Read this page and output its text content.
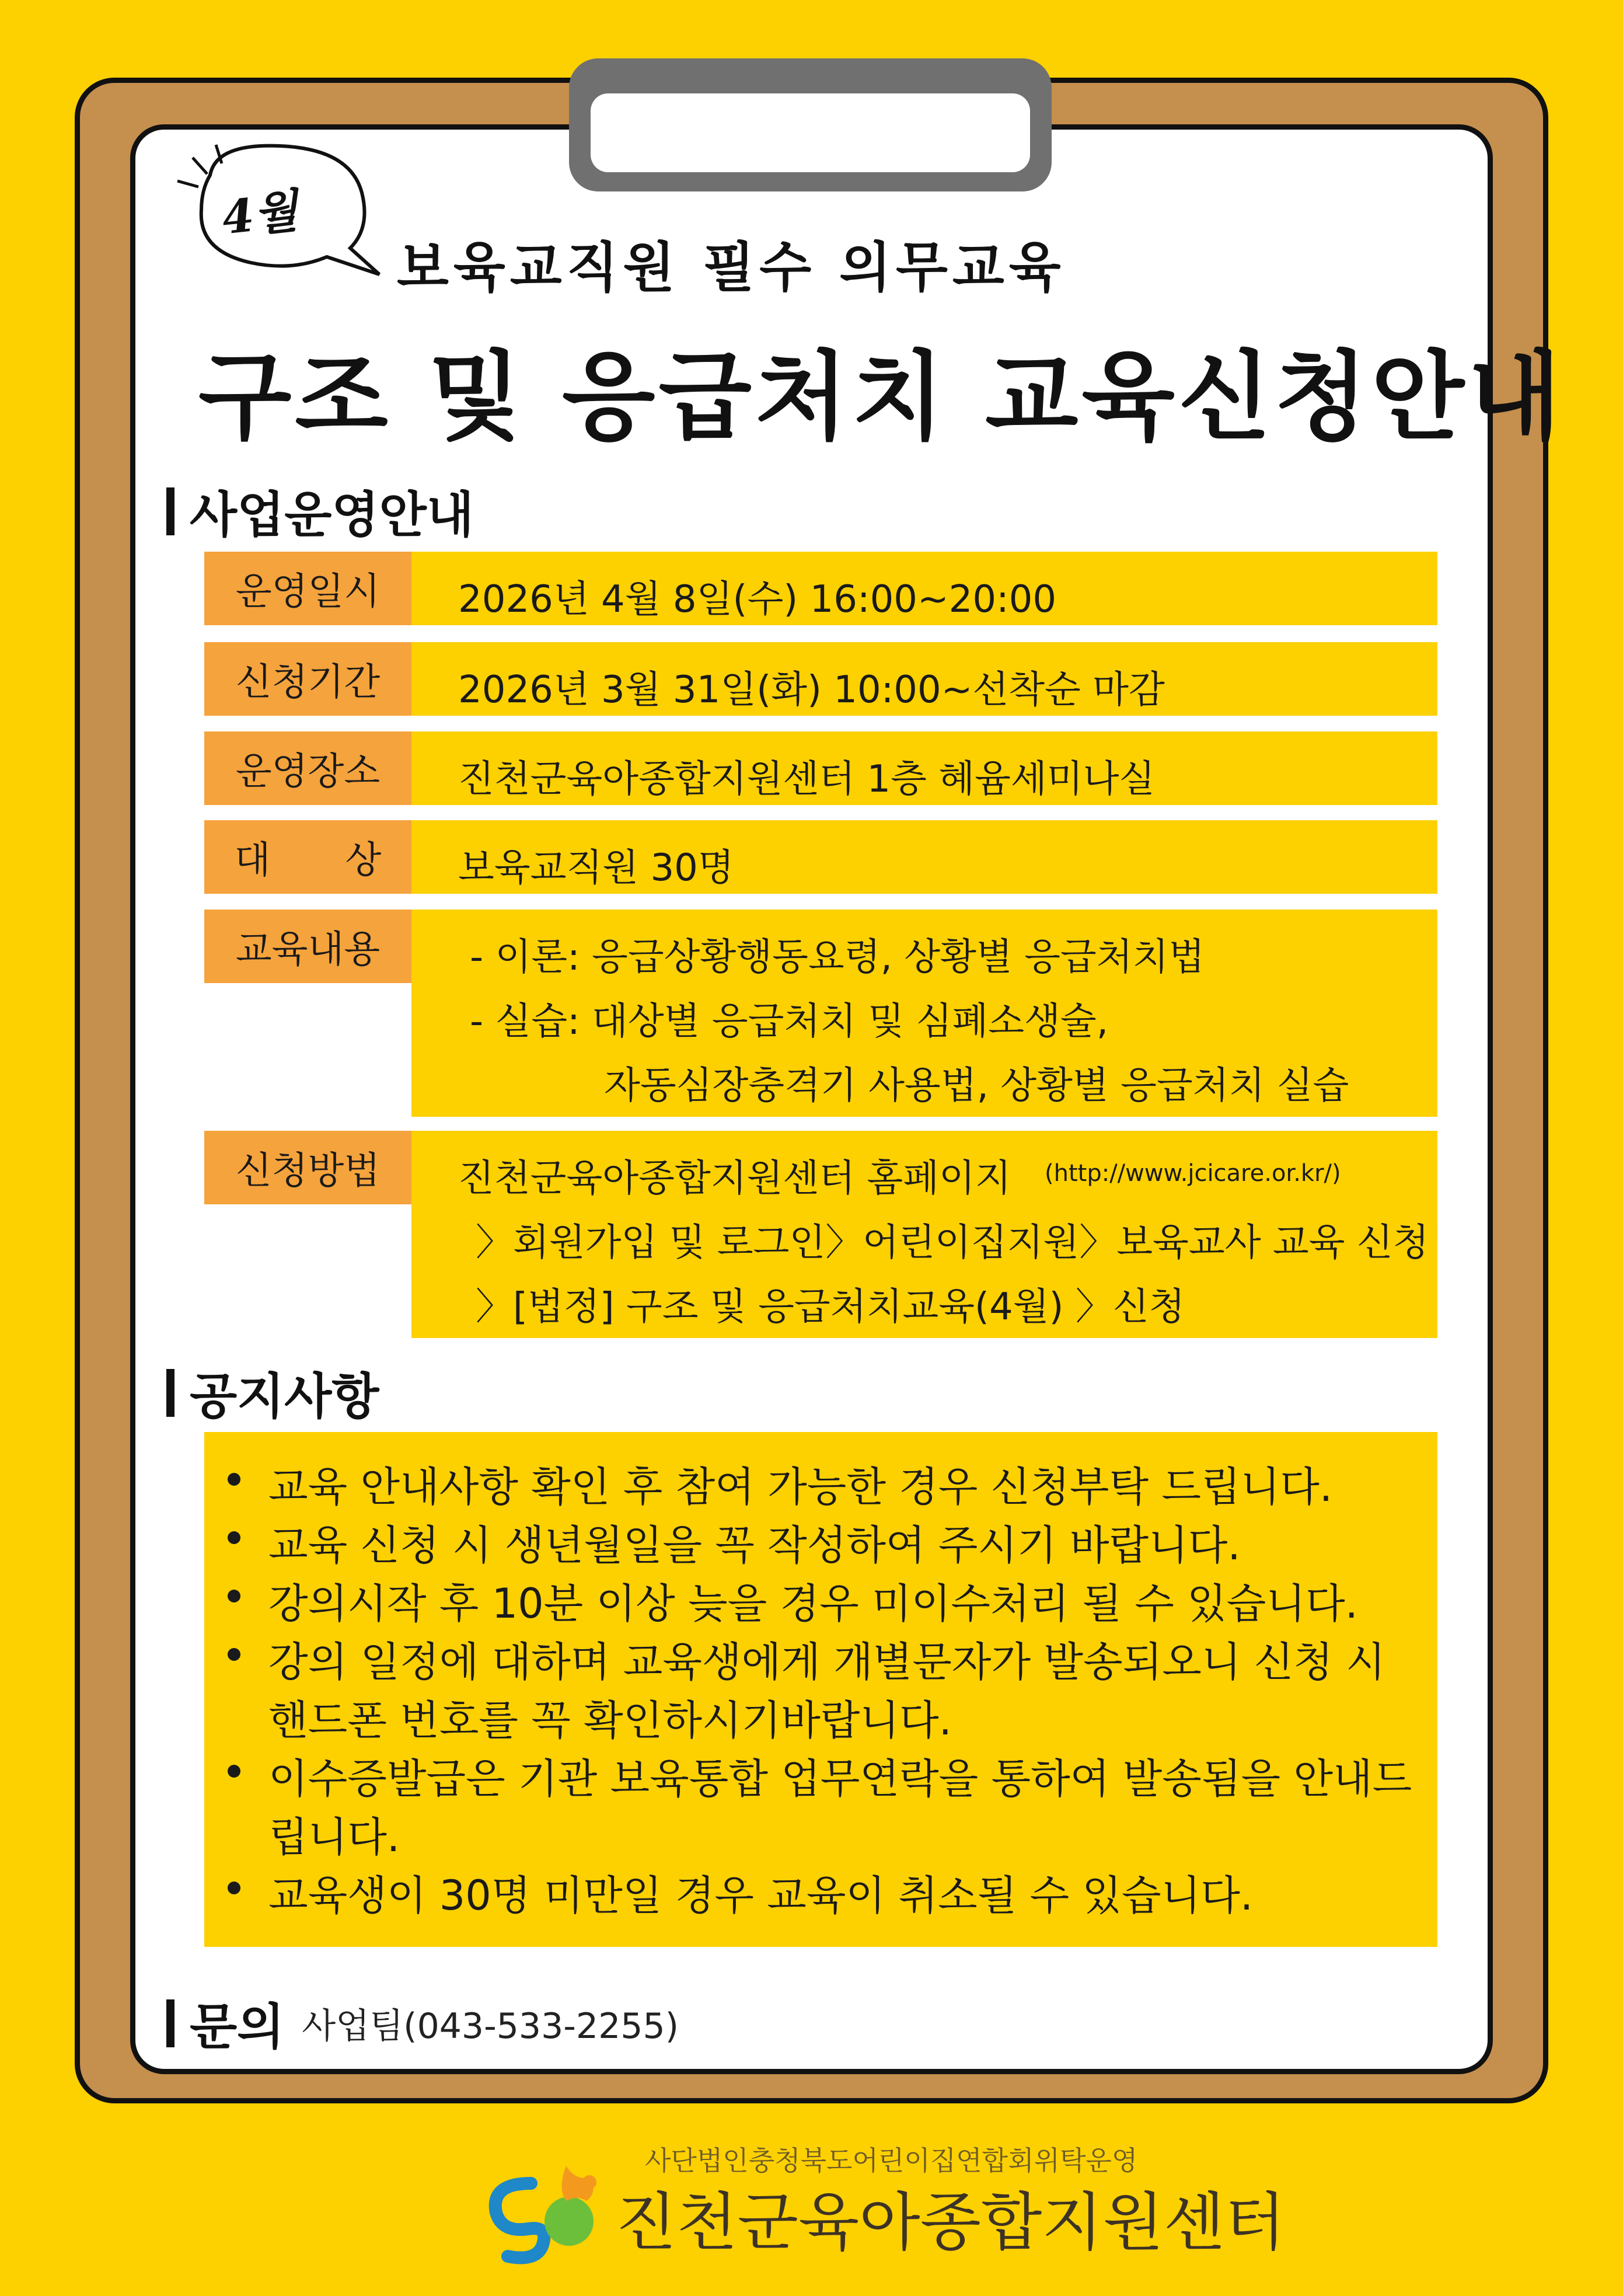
4월
보육교직원 필수 의무교육
구조 및 응급처치 교육신청안내
사업운영안내
운영일시	2026년 4월 8일(수) 16:00~20:00
신청기간	2026년 3월 31일(화) 10:00~선착순 마감
운영장소	진천군육아종합지원센터 1층 혜윰세미나실
대　　상	보육교직원 30명
교육내용	- 이론: 응급상황행동요령, 상황별 응급처치법
- 실습: 대상별 응급처치 및 심폐소생술,
자동심장충격기 사용법, 상황별 응급처치 실습
신청방법	진천군육아종합지원센터 홈페이지 (http://www.jcicare.or.kr/)
〉회원가입 및 로그인〉어린이집지원〉보육교사 교육 신청
〉[법정] 구조 및 응급처치교육(4월) 〉신청
공지사항
교육 안내사항 확인 후 참여 가능한 경우 신청부탁 드립니다.
교육 신청 시 생년월일을 꼭 작성하여 주시기 바랍니다.
강의시작 후 10분 이상 늦을 경우 미이수처리 될 수 있습니다.
강의 일정에 대하며 교육생에게 개별문자가 발송되오니 신청 시
핸드폰 번호를 꼭 확인하시기바랍니다.
이수증발급은 기관 보육통합 업무연락을 통하여 발송됨을 안내드
립니다.
교육생이 30명 미만일 경우 교육이 취소될 수 있습니다.
문의 사업팀(043-533-2255)
사단법인충청북도어린이집연합회위탁운영
진천군육아종합지원센터
